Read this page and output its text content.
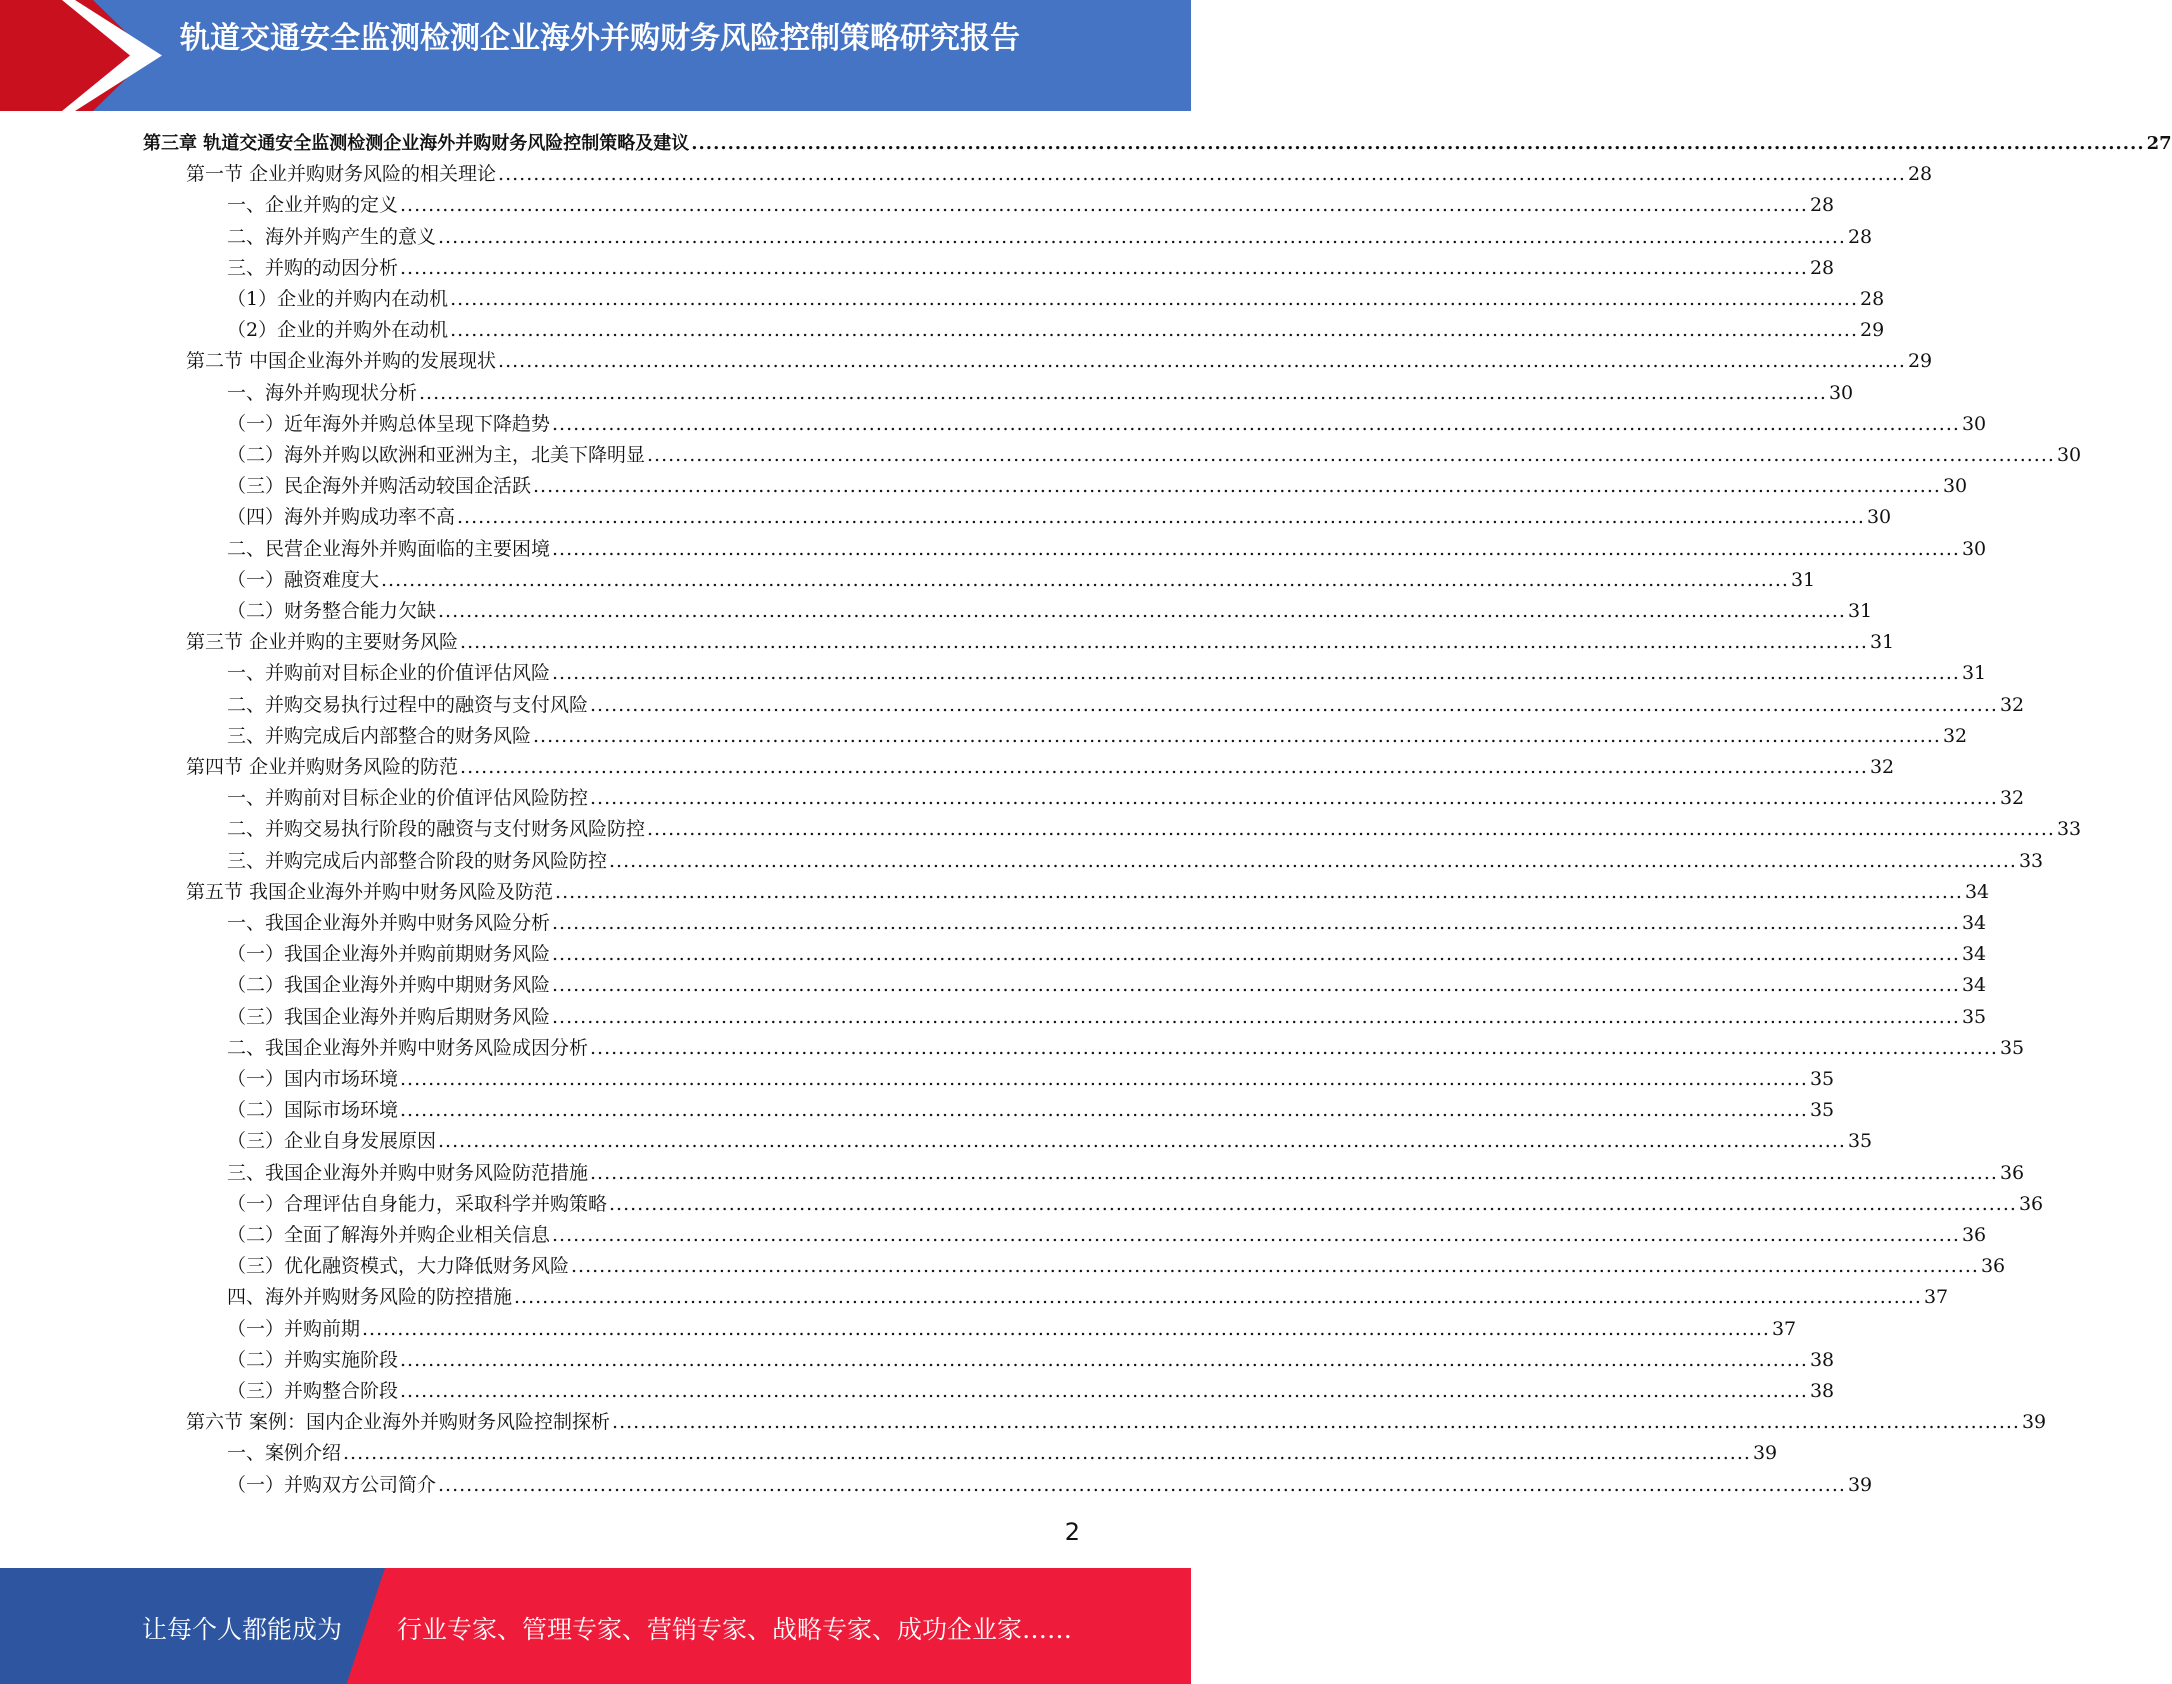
轨道交通安全监测检测企业海外并购财务风险控制策略研究报告
第三章 轨道交通安全监测检测企业海外并购财务风险控制策略及建议 ........................................................................................................................................................................................................ 27
第一节 企业并购财务风险的相关理论 ........................................................................................................................................................................................................ 28
一、企业并购的定义 ........................................................................................................................................................................................................ 28
二、海外并购产生的意义 ........................................................................................................................................................................................................ 28
三、并购的动因分析 ........................................................................................................................................................................................................ 28
（1）企业的并购内在动机 ........................................................................................................................................................................................................ 28
（2）企业的并购外在动机 ........................................................................................................................................................................................................ 29
第二节 中国企业海外并购的发展现状 ........................................................................................................................................................................................................ 29
一、海外并购现状分析 ........................................................................................................................................................................................................ 30
（一）近年海外并购总体呈现下降趋势 ........................................................................................................................................................................................................ 30
（二）海外并购以欧洲和亚洲为主，北美下降明显 ........................................................................................................................................................................................................ 30
（三）民企海外并购活动较国企活跃 ........................................................................................................................................................................................................ 30
（四）海外并购成功率不高 ........................................................................................................................................................................................................ 30
二、民营企业海外并购面临的主要困境 ........................................................................................................................................................................................................ 30
（一）融资难度大 ........................................................................................................................................................................................................ 31
（二）财务整合能力欠缺 ........................................................................................................................................................................................................ 31
第三节 企业并购的主要财务风险 ........................................................................................................................................................................................................ 31
一、并购前对目标企业的价值评估风险 ........................................................................................................................................................................................................ 31
二、并购交易执行过程中的融资与支付风险 ........................................................................................................................................................................................................ 32
三、并购完成后内部整合的财务风险 ........................................................................................................................................................................................................ 32
第四节 企业并购财务风险的防范 ........................................................................................................................................................................................................ 32
一、并购前对目标企业的价值评估风险防控 ........................................................................................................................................................................................................ 32
二、并购交易执行阶段的融资与支付财务风险防控 ........................................................................................................................................................................................................ 33
三、并购完成后内部整合阶段的财务风险防控 ........................................................................................................................................................................................................ 33
第五节 我国企业海外并购中财务风险及防范 ........................................................................................................................................................................................................ 34
一、我国企业海外并购中财务风险分析 ........................................................................................................................................................................................................ 34
（一）我国企业海外并购前期财务风险 ........................................................................................................................................................................................................ 34
（二）我国企业海外并购中期财务风险 ........................................................................................................................................................................................................ 34
（三）我国企业海外并购后期财务风险 ........................................................................................................................................................................................................ 35
二、我国企业海外并购中财务风险成因分析 ........................................................................................................................................................................................................ 35
（一）国内市场环境 ........................................................................................................................................................................................................ 35
（二）国际市场环境 ........................................................................................................................................................................................................ 35
（三）企业自身发展原因 ........................................................................................................................................................................................................ 35
三、我国企业海外并购中财务风险防范措施 ........................................................................................................................................................................................................ 36
（一）合理评估自身能力，采取科学并购策略 ........................................................................................................................................................................................................ 36
（二）全面了解海外并购企业相关信息 ........................................................................................................................................................................................................ 36
（三）优化融资模式，大力降低财务风险 ........................................................................................................................................................................................................ 36
四、海外并购财务风险的防控措施 ........................................................................................................................................................................................................ 37
（一）并购前期 ........................................................................................................................................................................................................ 37
（二）并购实施阶段 ........................................................................................................................................................................................................ 38
（三）并购整合阶段 ........................................................................................................................................................................................................ 38
第六节 案例：国内企业海外并购财务风险控制探析 ........................................................................................................................................................................................................ 39
一、案例介绍 ........................................................................................................................................................................................................ 39
（一）并购双方公司简介 ........................................................................................................................................................................................................ 39
2
让每个人都能成为 行业专家、管理专家、营销专家、战略专家、成功企业家……
